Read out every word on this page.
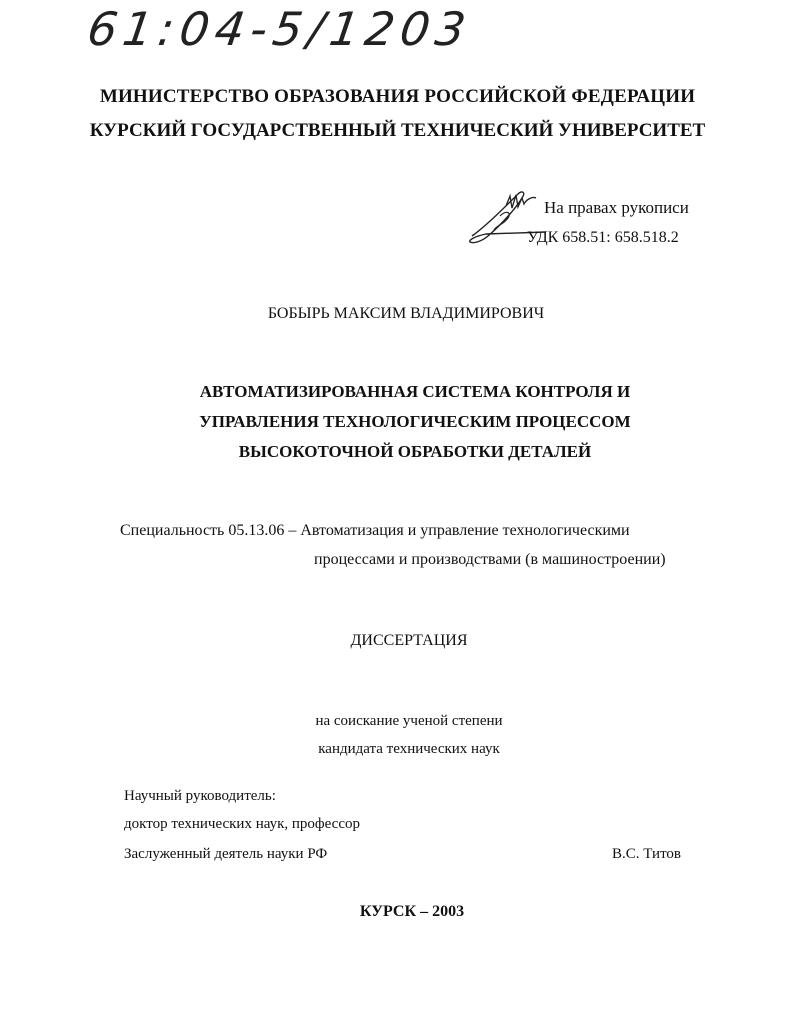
61:04-5/1203
МИНИСТЕРСТВО ОБРАЗОВАНИЯ РОССИЙСКОЙ ФЕДЕРАЦИИ
КУРСКИЙ ГОСУДАРСТВЕННЫЙ ТЕХНИЧЕСКИЙ УНИВЕРСИТЕТ
На правах рукописи
УДК 658.51: 658.518.2
БОБЫРЬ МАКСИМ ВЛАДИМИРОВИЧ
АВТОМАТИЗИРОВАННАЯ СИСТЕМА КОНТРОЛЯ И
УПРАВЛЕНИЯ ТЕХНОЛОГИЧЕСКИМ ПРОЦЕССОМ
ВЫСОКОТОЧНОЙ ОБРАБОТКИ ДЕТАЛЕЙ
Специальность 05.13.06 – Автоматизация и управление технологическими
процессами и производствами (в машиностроении)
ДИССЕРТАЦИЯ
на соискание ученой степени
кандидата технических наук
Научный руководитель:
доктор технических наук, профессор
Заслуженный деятель науки РФ	В.С. Титов
КУРСК – 2003
